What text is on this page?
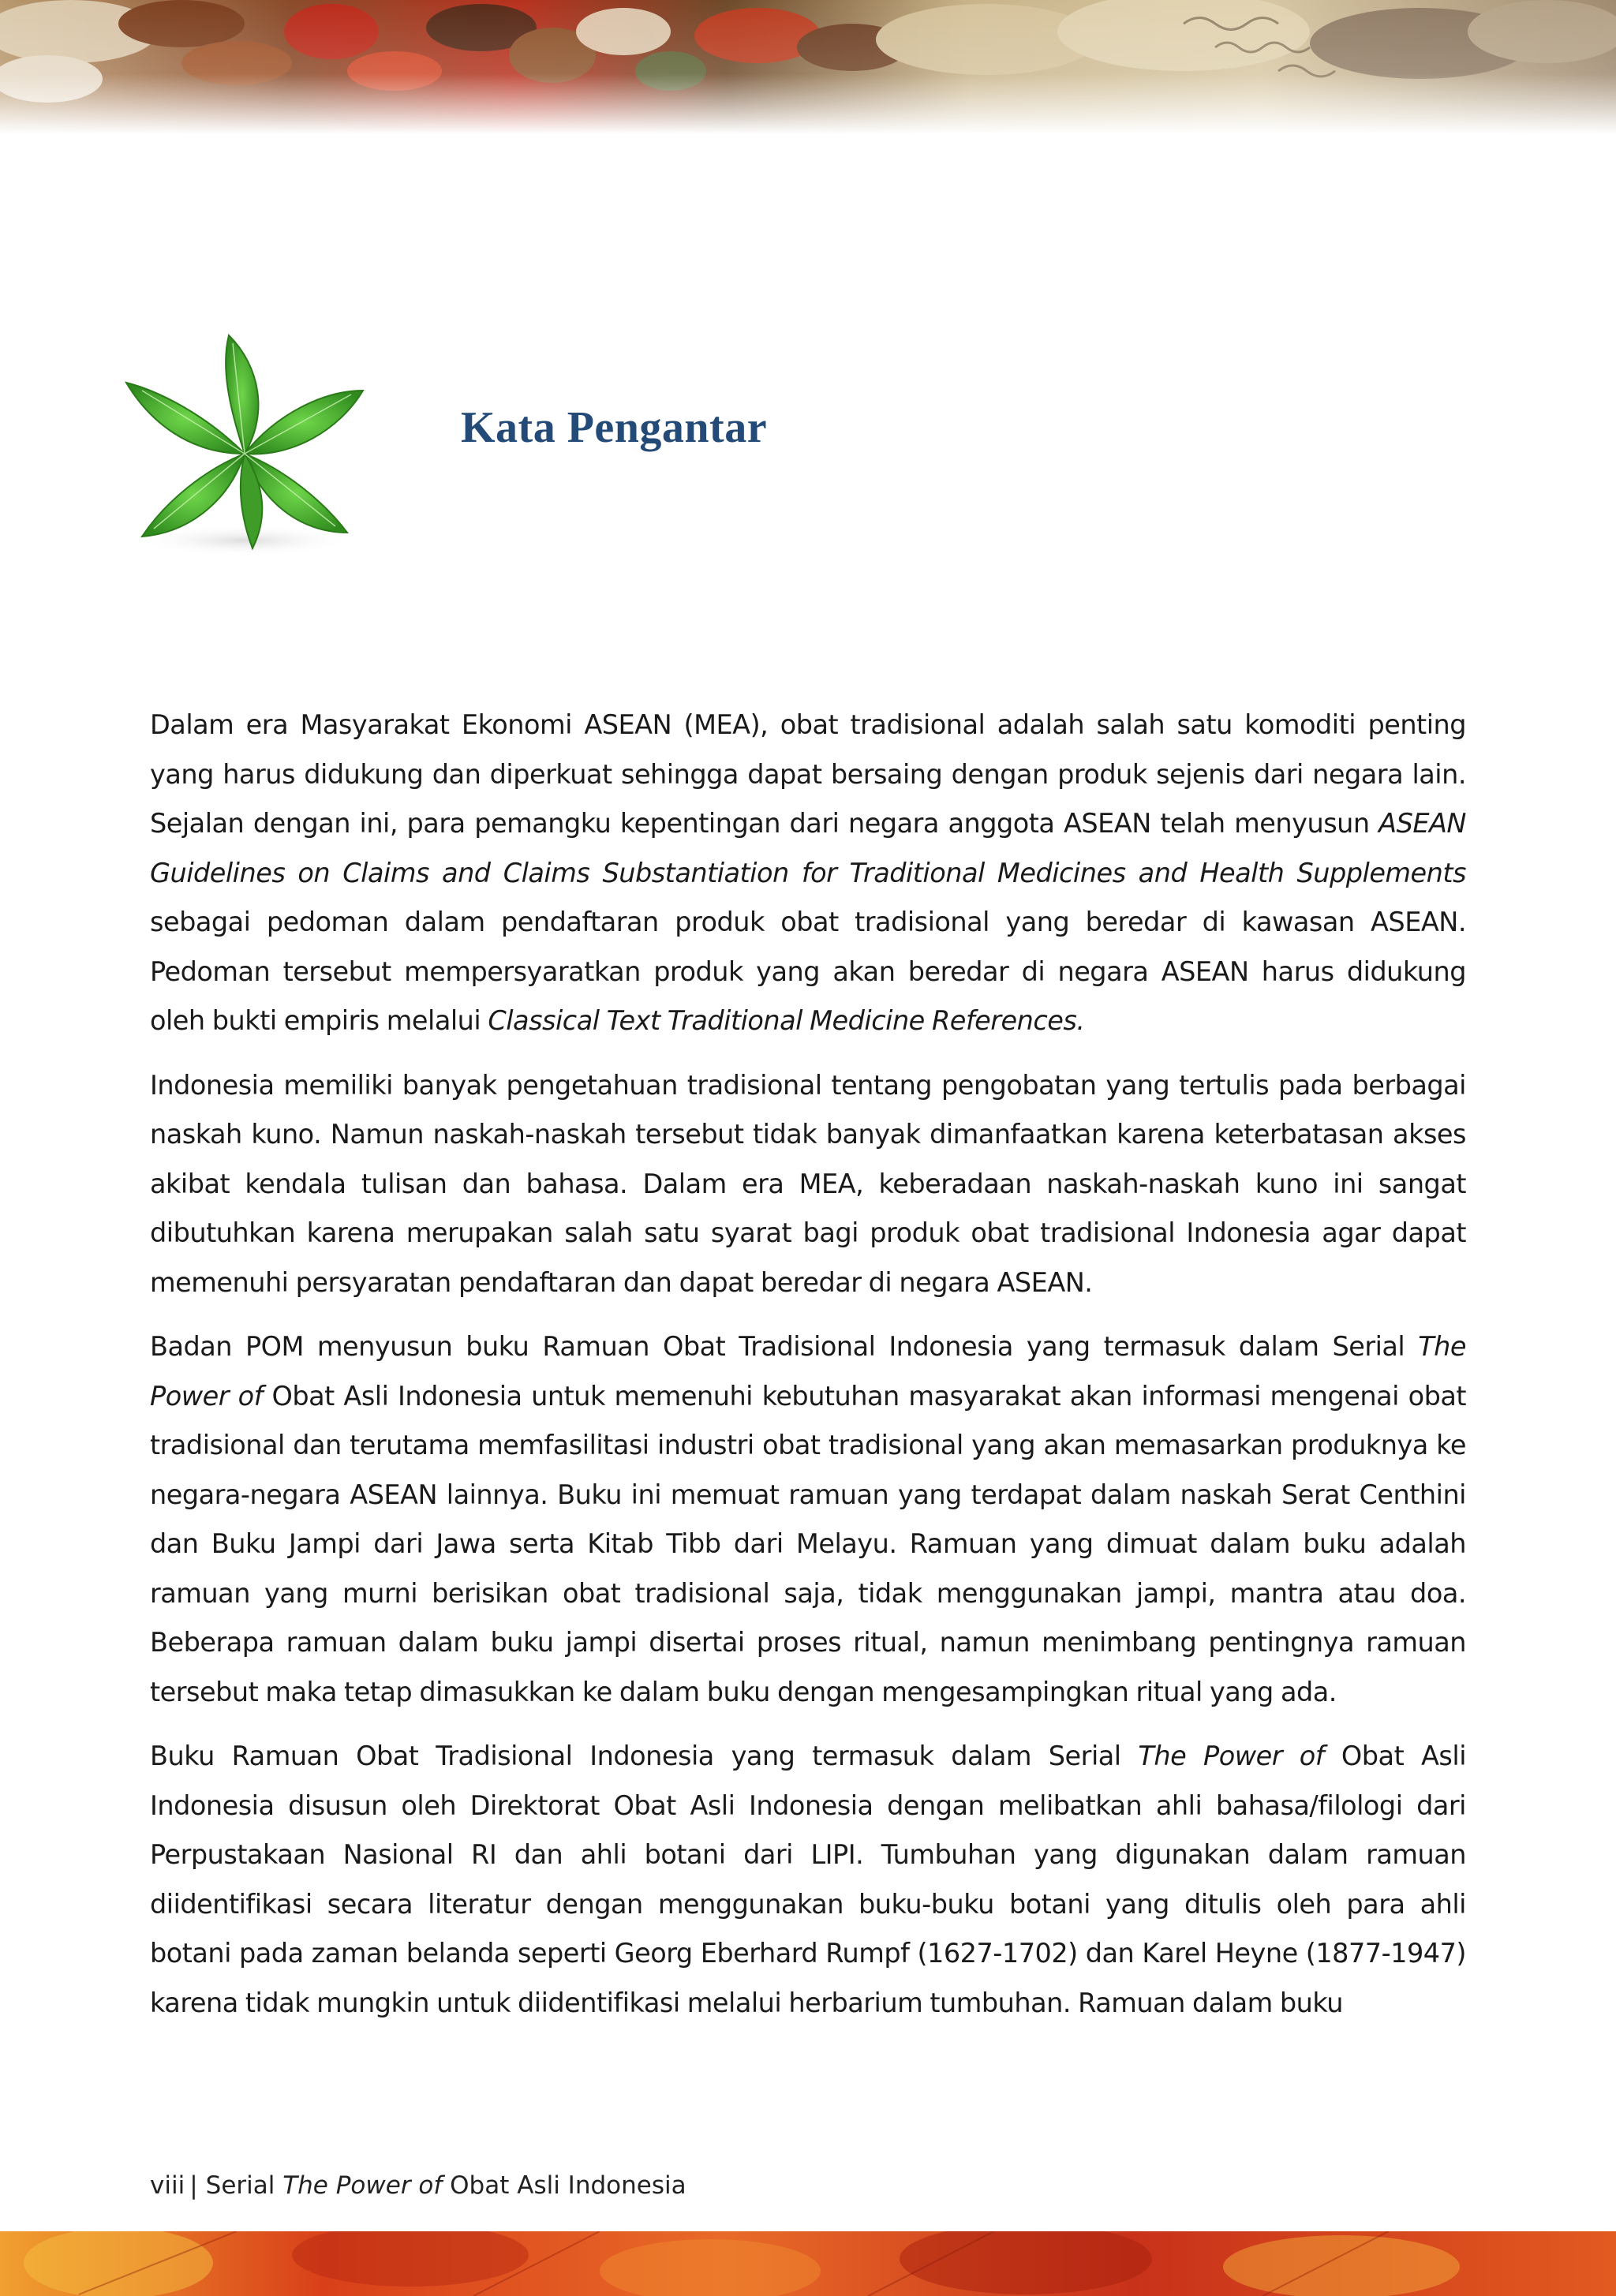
Kata Pengantar

Dalam era Masyarakat Ekonomi ASEAN (MEA), obat tradisional adalah salah satu komoditi penting yang harus didukung dan diperkuat sehingga dapat bersaing dengan produk sejenis dari negara lain. Sejalan dengan ini, para pemangku kepentingan dari negara anggota ASEAN telah menyusun ASEAN Guidelines on Claims and Claims Substantiation for Traditional Medicines and Health Supplements sebagai pedoman dalam pendaftaran produk obat tradisional yang beredar di kawasan ASEAN. Pedoman tersebut mempersyaratkan produk yang akan beredar di negara ASEAN harus didukung oleh bukti empiris melalui Classical Text Traditional Medicine References.

Indonesia memiliki banyak pengetahuan tradisional tentang pengobatan yang tertulis pada berbagai naskah kuno. Namun naskah-naskah tersebut tidak banyak dimanfaatkan karena keterbatasan akses akibat kendala tulisan dan bahasa. Dalam era MEA, keberadaan naskah-naskah kuno ini sangat dibutuhkan karena merupakan salah satu syarat bagi produk obat tradisional Indonesia agar dapat memenuhi persyaratan pendaftaran dan dapat beredar di negara ASEAN.

Badan POM menyusun buku Ramuan Obat Tradisional Indonesia yang termasuk dalam Serial The Power of Obat Asli Indonesia untuk memenuhi kebutuhan masyarakat akan informasi mengenai obat tradisional dan terutama memfasilitasi industri obat tradisional yang akan memasarkan produknya ke negara-negara ASEAN lainnya. Buku ini memuat ramuan yang terdapat dalam naskah Serat Centhini dan Buku Jampi dari Jawa serta Kitab Tibb dari Melayu. Ramuan yang dimuat dalam buku adalah ramuan yang murni berisikan obat tradisional saja, tidak menggunakan jampi, mantra atau doa. Beberapa ramuan dalam buku jampi disertai proses ritual, namun menimbang pentingnya ramuan tersebut maka tetap dimasukkan ke dalam buku dengan mengesampingkan ritual yang ada.

Buku Ramuan Obat Tradisional Indonesia yang termasuk dalam Serial The Power of Obat Asli Indonesia disusun oleh Direktorat Obat Asli Indonesia dengan melibatkan ahli bahasa/filologi dari Perpustakaan Nasional RI dan ahli botani dari LIPI. Tumbuhan yang digunakan dalam ramuan diidentifikasi secara literatur dengan menggunakan buku-buku botani yang ditulis oleh para ahli botani pada zaman belanda seperti Georg Eberhard Rumpf (1627-1702) dan Karel Heyne (1877-1947) karena tidak mungkin untuk diidentifikasi melalui herbarium tumbuhan. Ramuan dalam buku

viii | Serial The Power of Obat Asli Indonesia
